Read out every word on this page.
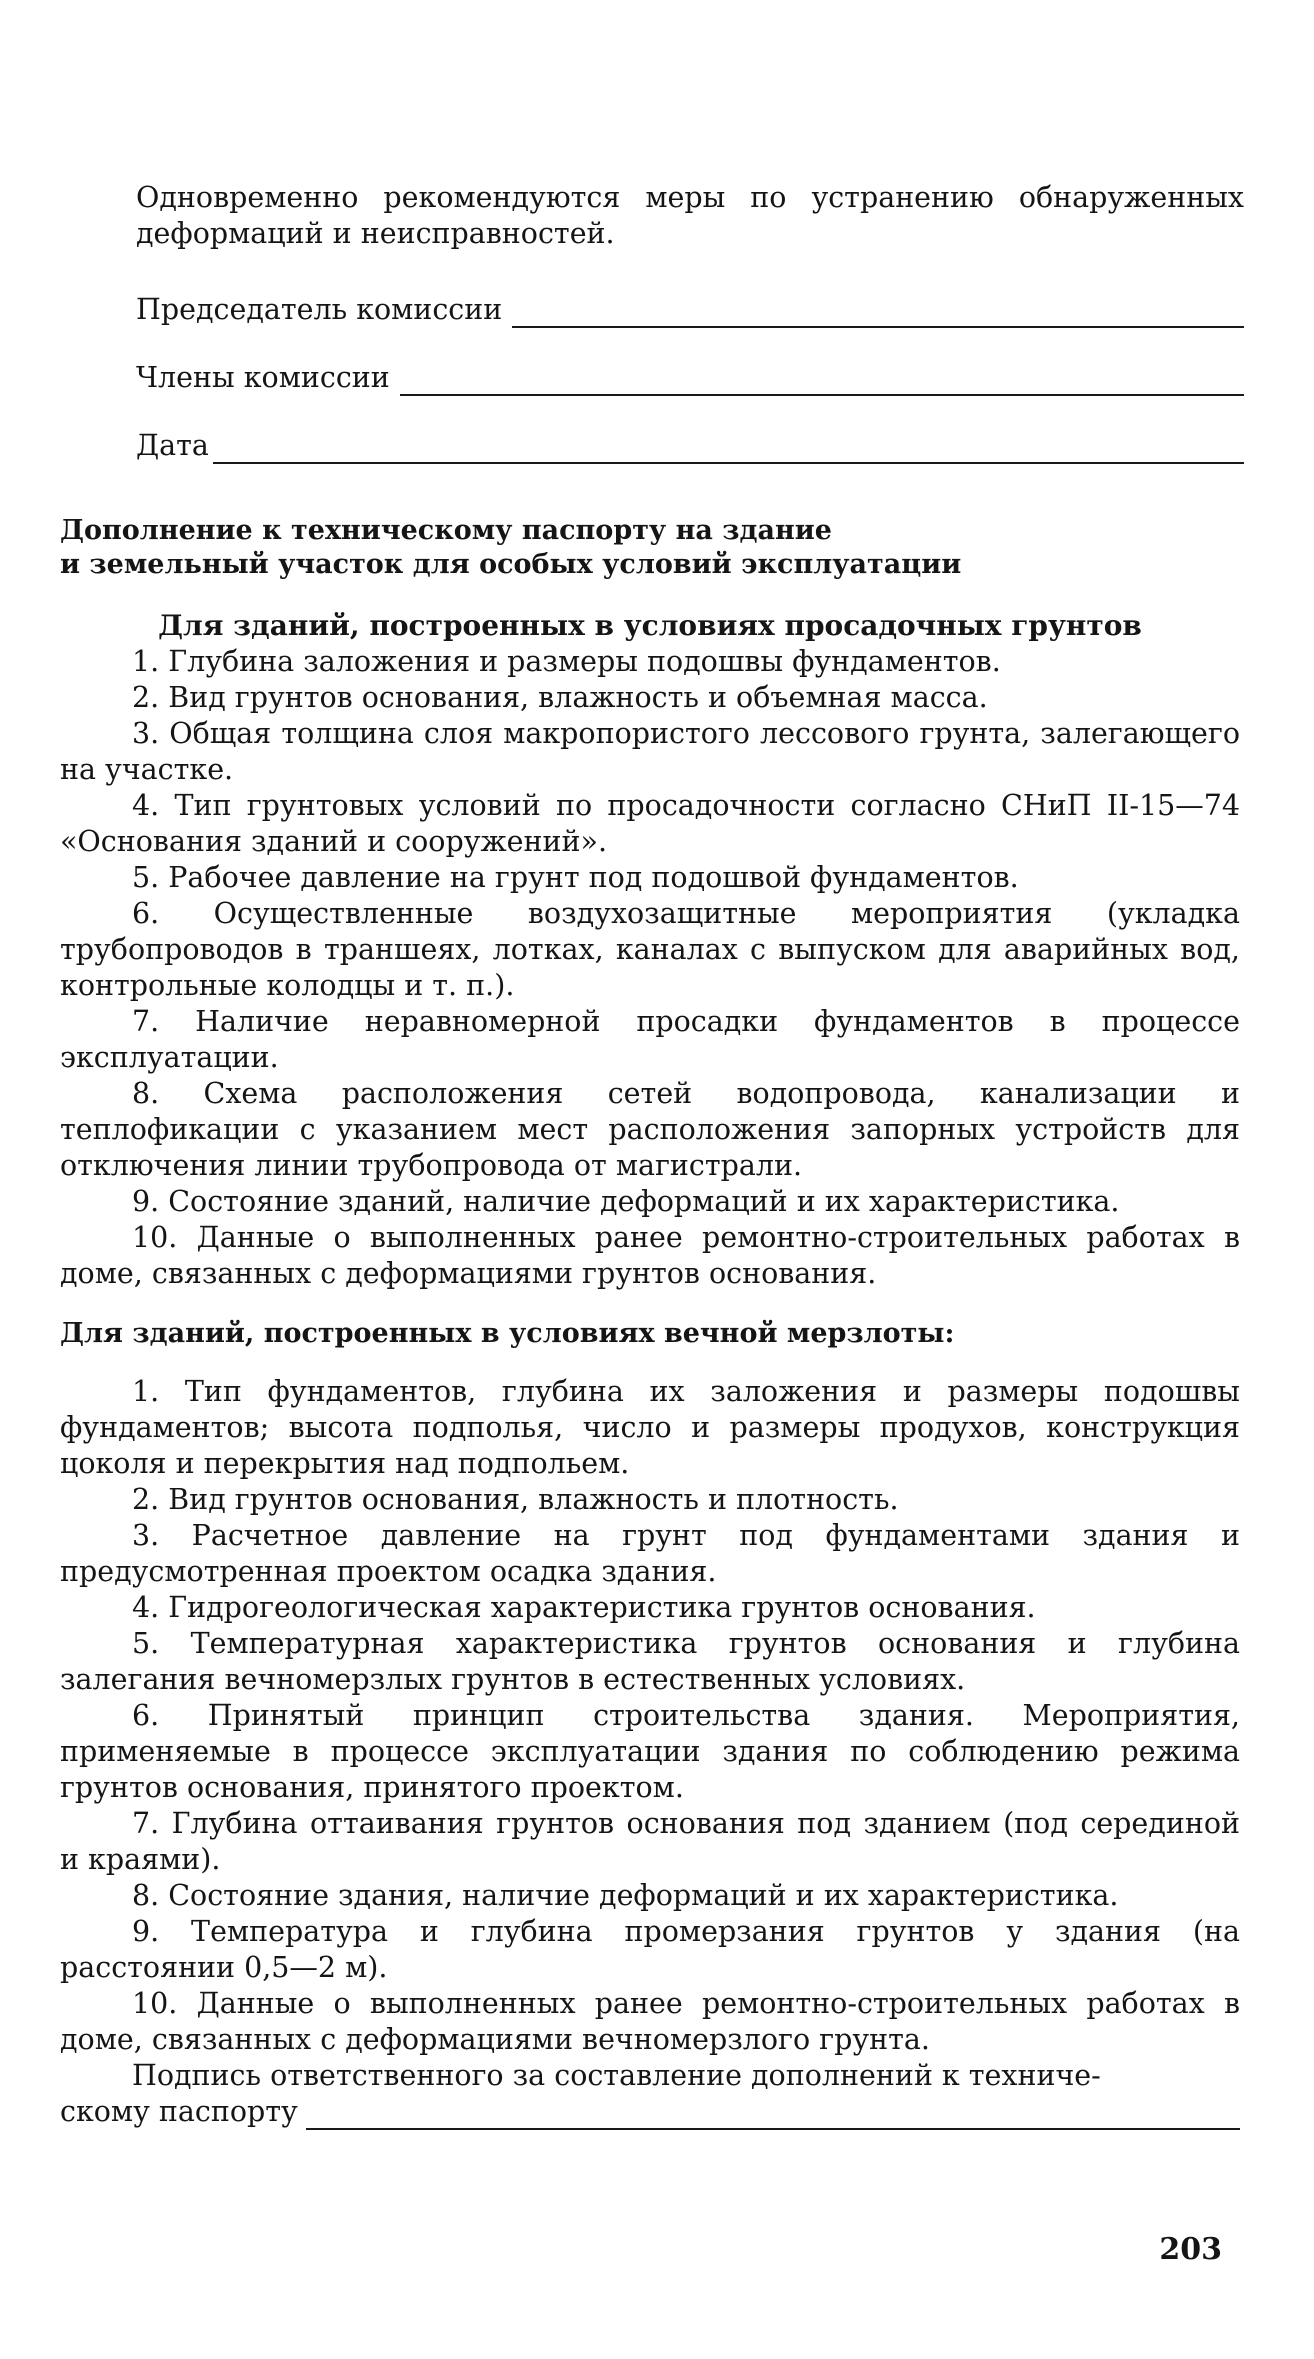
Одновременно рекомендуются меры по устранению обнаруженных деформаций и неисправностей.

Председатель комиссии
Члены комиссии
Дата

Дополнение к техническому паспорту на здание

и земельный участок для особых условий эксплуатации

Для зданий, построенных в условиях просадочных грунтов

1. Глубина заложения и размеры подошвы фундаментов.

2. Вид грунтов основания, влажность и объемная масса.

3. Общая толщина слоя макропористого лессового грунта, залегающего на участке.

4. Тип грунтовых условий по просадочности согласно СНиП II-15—74 «Основания зданий и сооружений».

5. Рабочее давление на грунт под подошвой фундаментов.

6. Осуществленные воздухозащитные мероприятия (укладка трубопроводов в траншеях, лотках, каналах с выпуском для аварийных вод, контрольные колодцы и т. п.).

7. Наличие неравномерной просадки фундаментов в процессе эксплуатации.

8. Схема расположения сетей водопровода, канализации и теплофикации с указанием мест расположения запорных устройств для отключения линии трубопровода от магистрали.

9. Состояние зданий, наличие деформаций и их характеристика.

10. Данные о выполненных ранее ремонтно-строительных работах в доме, связанных с деформациями грунтов основания.

Для зданий, построенных в условиях вечной мерзлоты:

1. Тип фундаментов, глубина их заложения и размеры подошвы фундаментов; высота подполья, число и размеры продухов, конструкция цоколя и перекрытия над подпольем.

2. Вид грунтов основания, влажность и плотность.

3. Расчетное давление на грунт под фундаментами здания и предусмотренная проектом осадка здания.

4. Гидрогеологическая характеристика грунтов основания.

5. Температурная характеристика грунтов основания и глубина залегания вечномерзлых грунтов в естественных условиях.

6. Принятый принцип строительства здания. Мероприятия, применяемые в процессе эксплуатации здания по соблюдению режима грунтов основания, принятого проектом.

7. Глубина оттаивания грунтов основания под зданием (под серединой и краями).

8. Состояние здания, наличие деформаций и их характеристика.

9. Температура и глубина промерзания грунтов у здания (на расстоянии 0,5—2 м).

10. Данные о выполненных ранее ремонтно-строительных работах в доме, связанных с деформациями вечномерзлого грунта.

Подпись ответственного за составление дополнений к техниче-

скому паспорту
203
